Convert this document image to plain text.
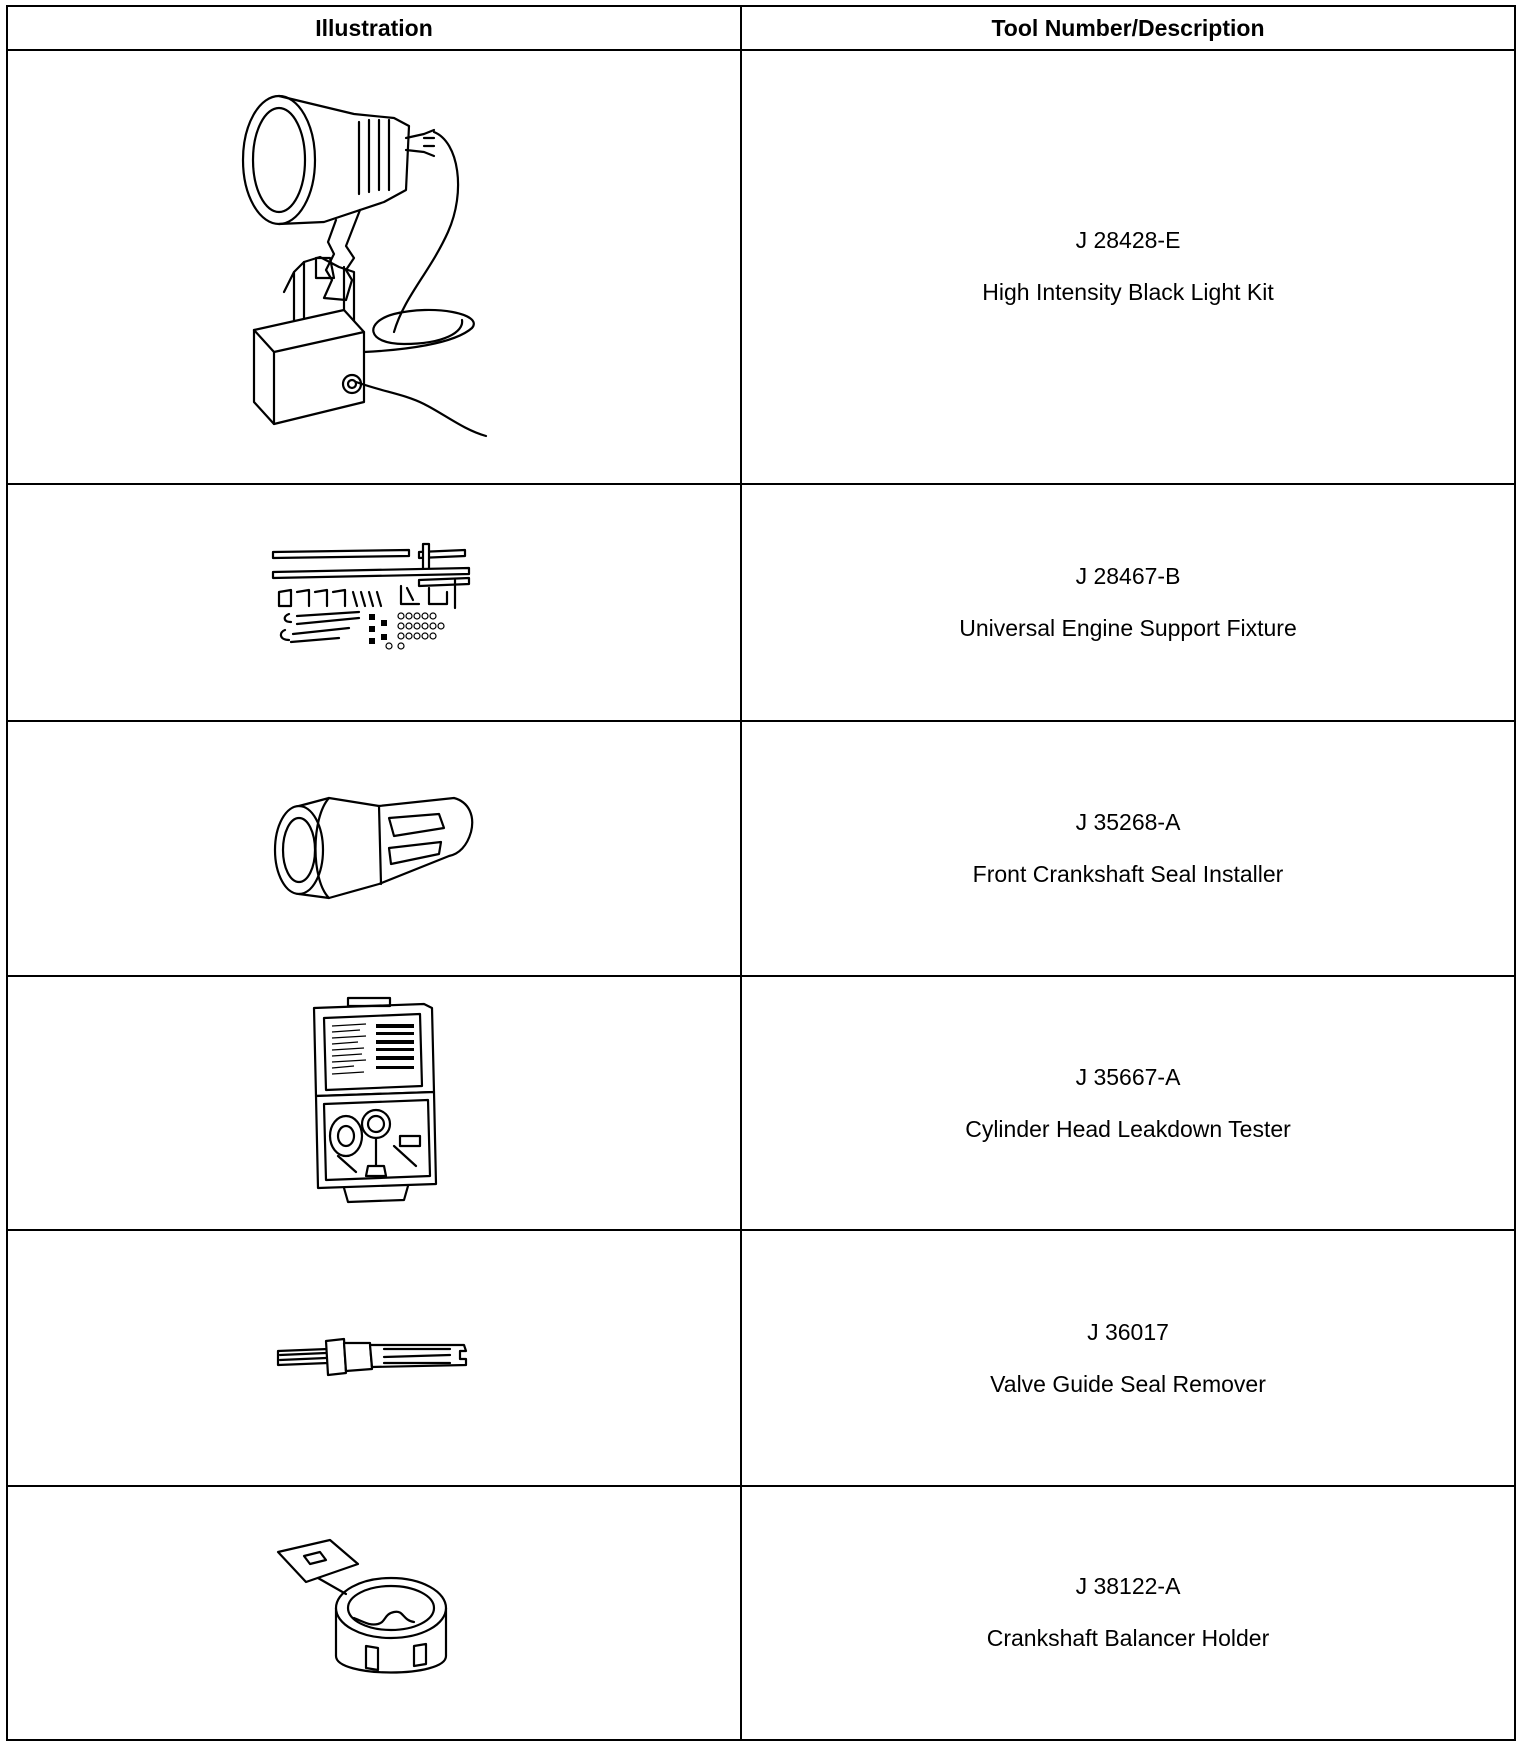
Illustration	Tool Number/Description

J 28428-E
High Intensity Black Light Kit

J 28467-B
Universal Engine Support Fixture

J 35268-A
Front Crankshaft Seal Installer

J 35667-A
Cylinder Head Leakdown Tester

J 36017
Valve Guide Seal Remover

J 38122-A
Crankshaft Balancer Holder
